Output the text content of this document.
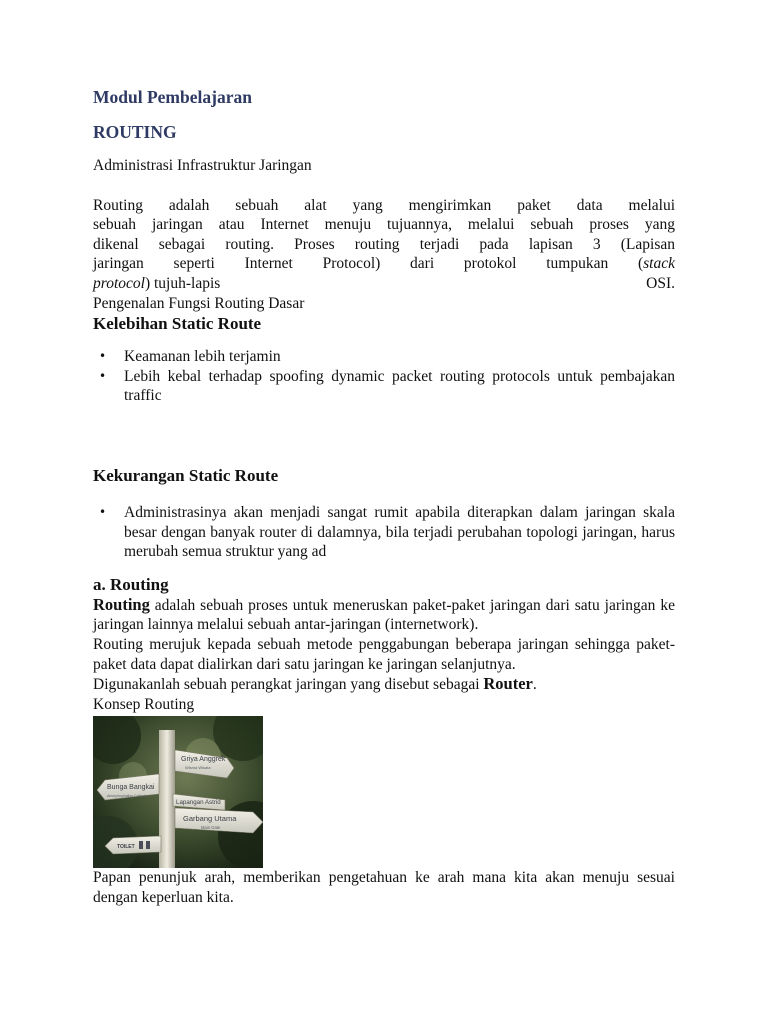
Modul Pembelajaran
ROUTING

Administrasi Infrastruktur Jaringan

Routing adalah sebuah alat yang mengirimkan paket data melalui

sebuah jaringan atau Internet menuju tujuannya, melalui sebuah proses yang

dikenal sebagai routing. Proses routing terjadi pada lapisan 3 (Lapisan

jaringan seperti Internet Protocol) dari protokol tumpukan (stack

protocol) tujuh-lapis	OSI.

Pengenalan Fungsi Routing Dasar

Kelebihan Static Route
• Keamanan lebih terjamin
• Lebih kebal terhadap spoofing dynamic packet routing protocols untuk pembajakan traffic
Kekurangan Static Route
• Administrasinya akan menjadi sangat rumit apabila diterapkan dalam jaringan skala besar dengan banyak router di dalamnya, bila terjadi perubahan topologi jaringan, harus merubah semua struktur yang ad
a. Routing

Routing adalah sebuah proses untuk meneruskan paket-paket jaringan dari satu jaringan ke jaringan lainnya melalui sebuah antar-jaringan (internetwork).

Routing merujuk kepada sebuah metode penggabungan beberapa jaringan sehingga paket-paket data dapat dialirkan dari satu jaringan ke jaringan selanjutnya.

Digunakanlah sebuah perangkat jaringan yang disebut sebagai Router.

Konsep Routing

Griya Anggrek
Wisma Wisata
Bunga Bangkai
Amorphophallus Collection
Lapangan Astrid
Garbang Utama
Main Gate
TOILET

Papan penunjuk arah, memberikan pengetahuan ke arah mana kita akan menuju sesuai dengan keperluan kita.
